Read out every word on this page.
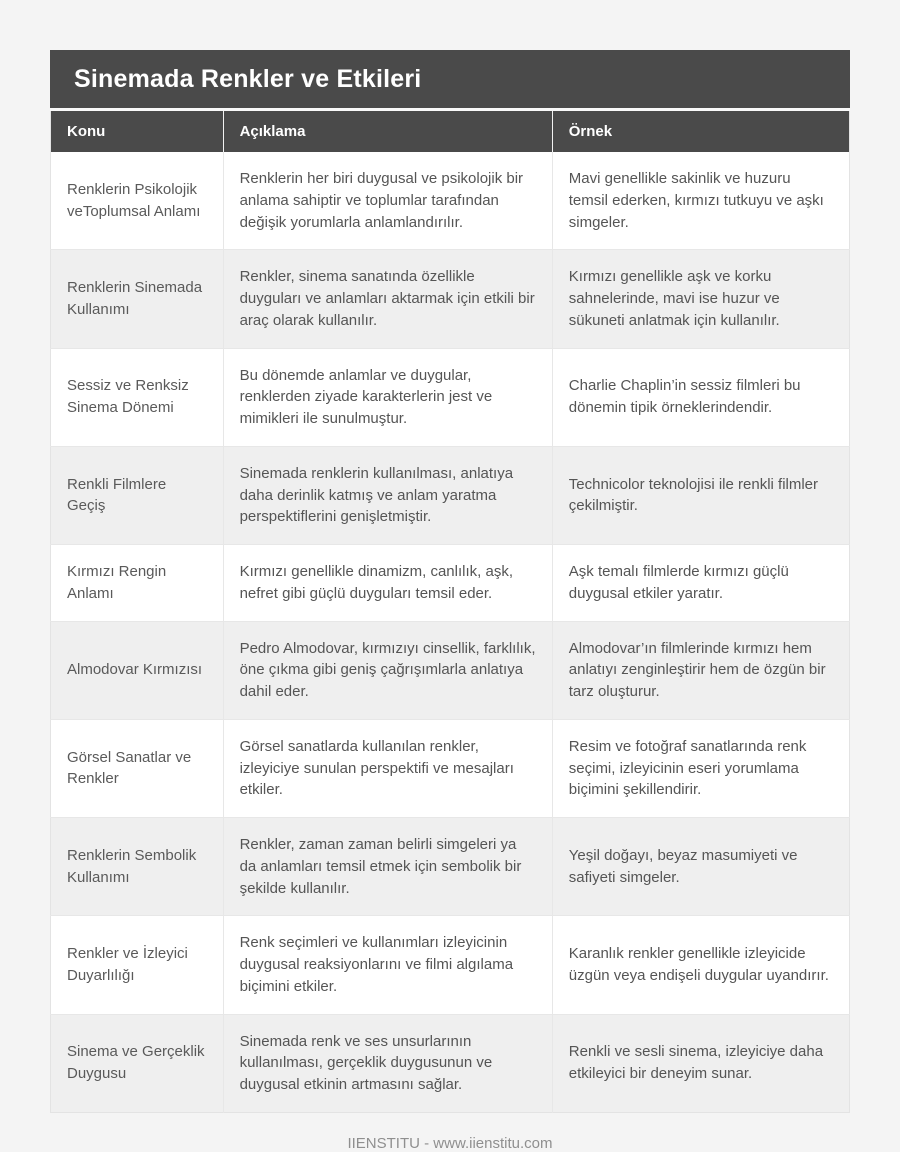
Sinemada Renkler ve Etkileri
Konu	Açıklama	Örnek
Renklerin Psikolojik veToplumsal Anlamı	Renklerin her biri duygusal ve psikolojik bir anlama sahiptir ve toplumlar tarafından değişik yorumlarla anlamlandırılır.	Mavi genellikle sakinlik ve huzuru temsil ederken, kırmızı tutkuyu ve aşkı simgeler.
Renklerin Sinemada Kullanımı	Renkler, sinema sanatında özellikle duyguları ve anlamları aktarmak için etkili bir araç olarak kullanılır.	Kırmızı genellikle aşk ve korku sahnelerinde, mavi ise huzur ve sükuneti anlatmak için kullanılır.
Sessiz ve Renksiz Sinema Dönemi	Bu dönemde anlamlar ve duygular, renklerden ziyade karakterlerin jest ve mimikleri ile sunulmuştur.	Charlie Chaplin’in sessiz filmleri bu dönemin tipik örneklerindendir.
Renkli Filmlere Geçiş	Sinemada renklerin kullanılması, anlatıya daha derinlik katmış ve anlam yaratma perspektiflerini genişletmiştir.	Technicolor teknolojisi ile renkli filmler çekilmiştir.
Kırmızı Rengin Anlamı	Kırmızı genellikle dinamizm, canlılık, aşk, nefret gibi güçlü duyguları temsil eder.	Aşk temalı filmlerde kırmızı güçlü duygusal etkiler yaratır.
Almodovar Kırmızısı	Pedro Almodovar, kırmızıyı cinsellik, farklılık, öne çıkma gibi geniş çağrışımlarla anlatıya dahil eder.	Almodovar’ın filmlerinde kırmızı hem anlatıyı zenginleştirir hem de özgün bir tarz oluşturur.
Görsel Sanatlar ve Renkler	Görsel sanatlarda kullanılan renkler, izleyiciye sunulan perspektifi ve mesajları etkiler.	Resim ve fotoğraf sanatlarında renk seçimi, izleyicinin eseri yorumlama biçimini şekillendirir.
Renklerin Sembolik Kullanımı	Renkler, zaman zaman belirli simgeleri ya da anlamları temsil etmek için sembolik bir şekilde kullanılır.	Yeşil doğayı, beyaz masumiyeti ve safiyeti simgeler.
Renkler ve İzleyici Duyarlılığı	Renk seçimleri ve kullanımları izleyicinin duygusal reaksiyonlarını ve filmi algılama biçimini etkiler.	Karanlık renkler genellikle izleyicide üzgün veya endişeli duygular uyandırır.
Sinema ve Gerçeklik Duygusu	Sinemada renk ve ses unsurlarının kullanılması, gerçeklik duygusunun ve duygusal etkinin artmasını sağlar.	Renkli ve sesli sinema, izleyiciye daha etkileyici bir deneyim sunar.
IIENSTITU - www.iienstitu.com
